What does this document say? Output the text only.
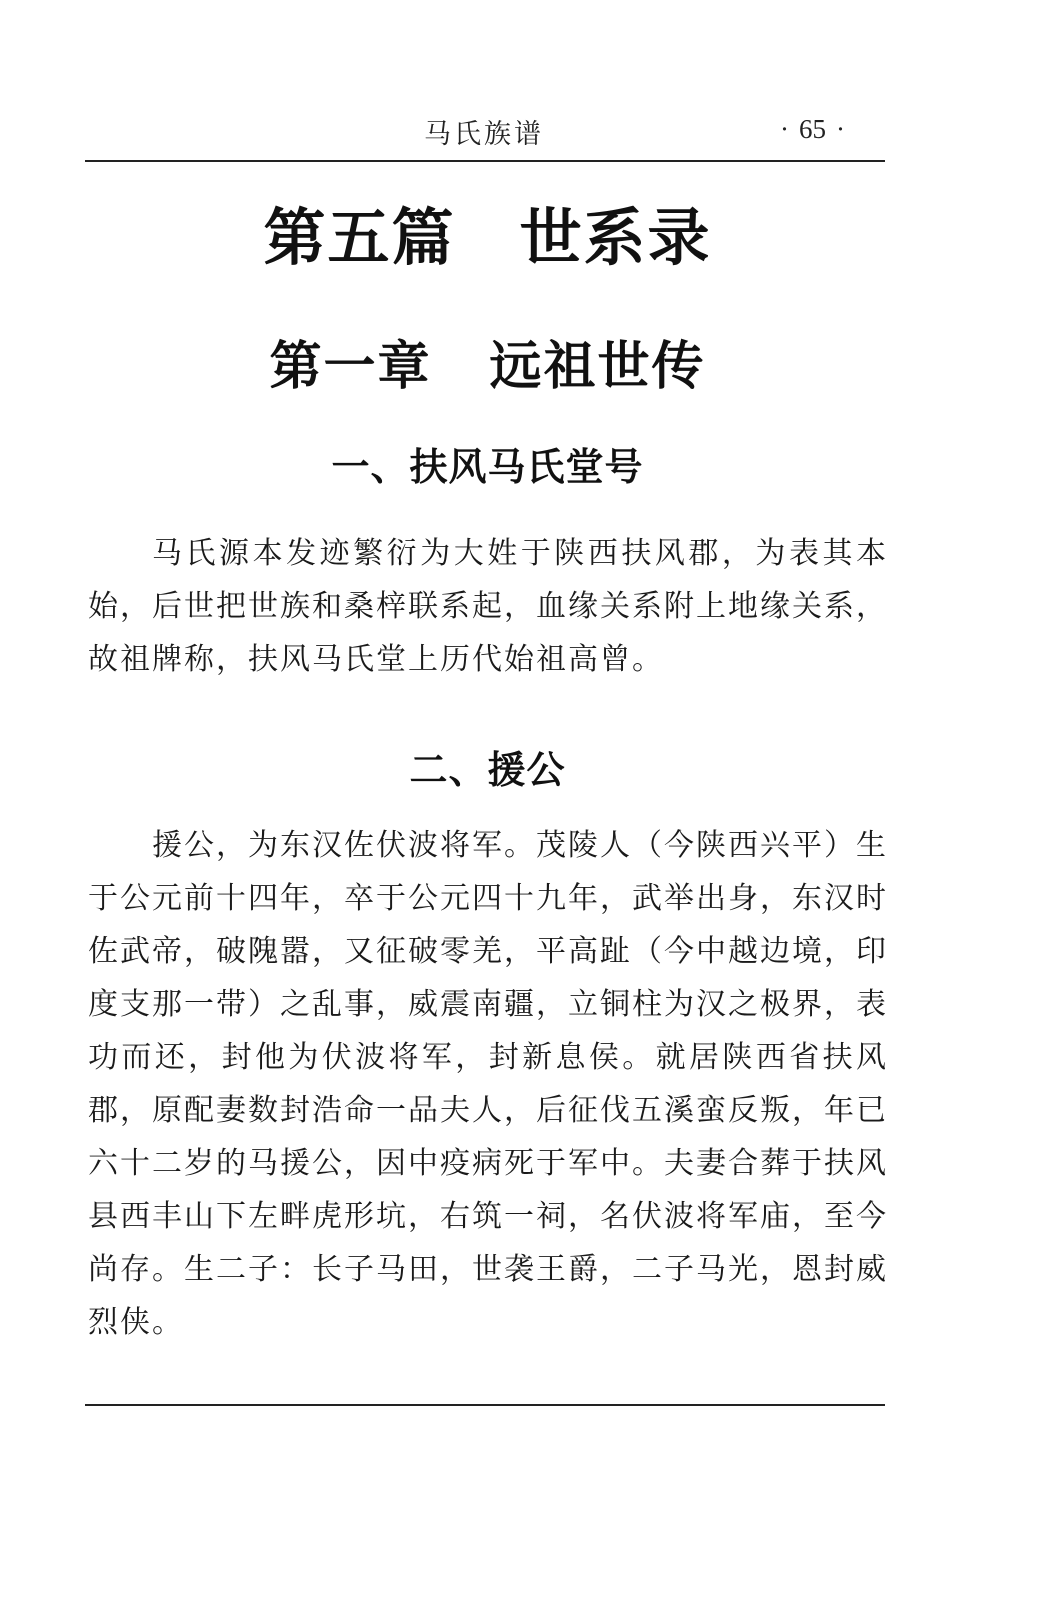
马氏族谱	· 65 ·
第五篇 世系录
第一章 远祖世传
一、扶风马氏堂号

马氏源本发迹繁衍为大姓于陕西扶风郡，为表其本始，后世把世族和桑梓联系起，血缘关系附上地缘关系，故祖牌称，扶风马氏堂上历代始祖高曾。

二、援公

援公，为东汉佐伏波将军。茂陵人（今陕西兴平）生于公元前十四年，卒于公元四十九年，武举出身，东汉时佐武帝，破隗嚣，又征破零羌，平高趾（今中越边境，印度支那一带）之乱事，威震南疆，立铜柱为汉之极界，表功而还，封他为伏波将军，封新息侯。就居陕西省扶风郡，原配妻数封浩命一品夫人，后征伐五溪蛮反叛，年已六十二岁的马援公，因中疫病死于军中。夫妻合葬于扶风县西丰山下左畔虎形坑，右筑一祠，名伏波将军庙，至今尚存。生二子：长子马田，世袭王爵，二子马光，恩封威烈侠。
